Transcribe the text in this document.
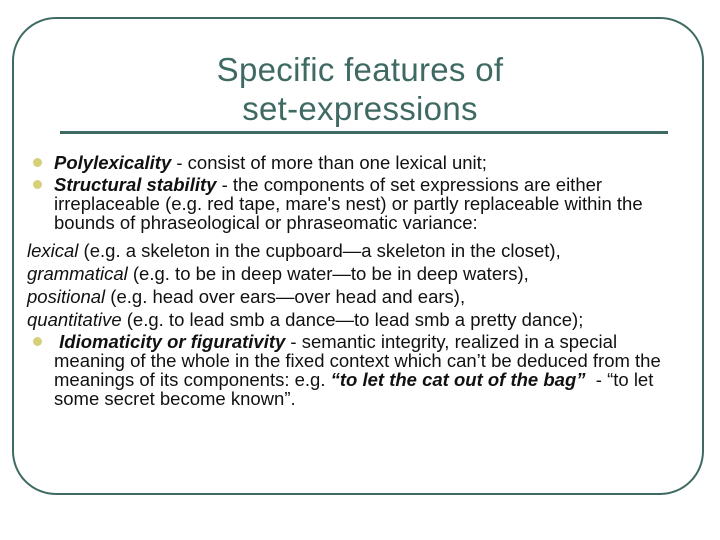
Specific features of
set-expressions
Polylexicality - consist of more than one lexical unit;
Structural stability - the components of set expressions are either irreplaceable (e.g. red tape, mare's nest) or partly replaceable within the bounds of phraseological or phraseomatic variance:
lexical (e.g. a skeleton in the cupboard—a skeleton in the closet),
grammatical (e.g. to be in deep water—to be in deep waters),
positional (e.g. head over ears—over head and ears),
quantitative (e.g. to lead smb a dance—to lead smb a pretty dance);
Idiomaticity or figurativity - semantic integrity, realized in a special meaning of the whole in the fixed context which can’t be deduced from the meanings of its components: e.g. “to let the cat out of the bag”  - “to let some secret become known”.
